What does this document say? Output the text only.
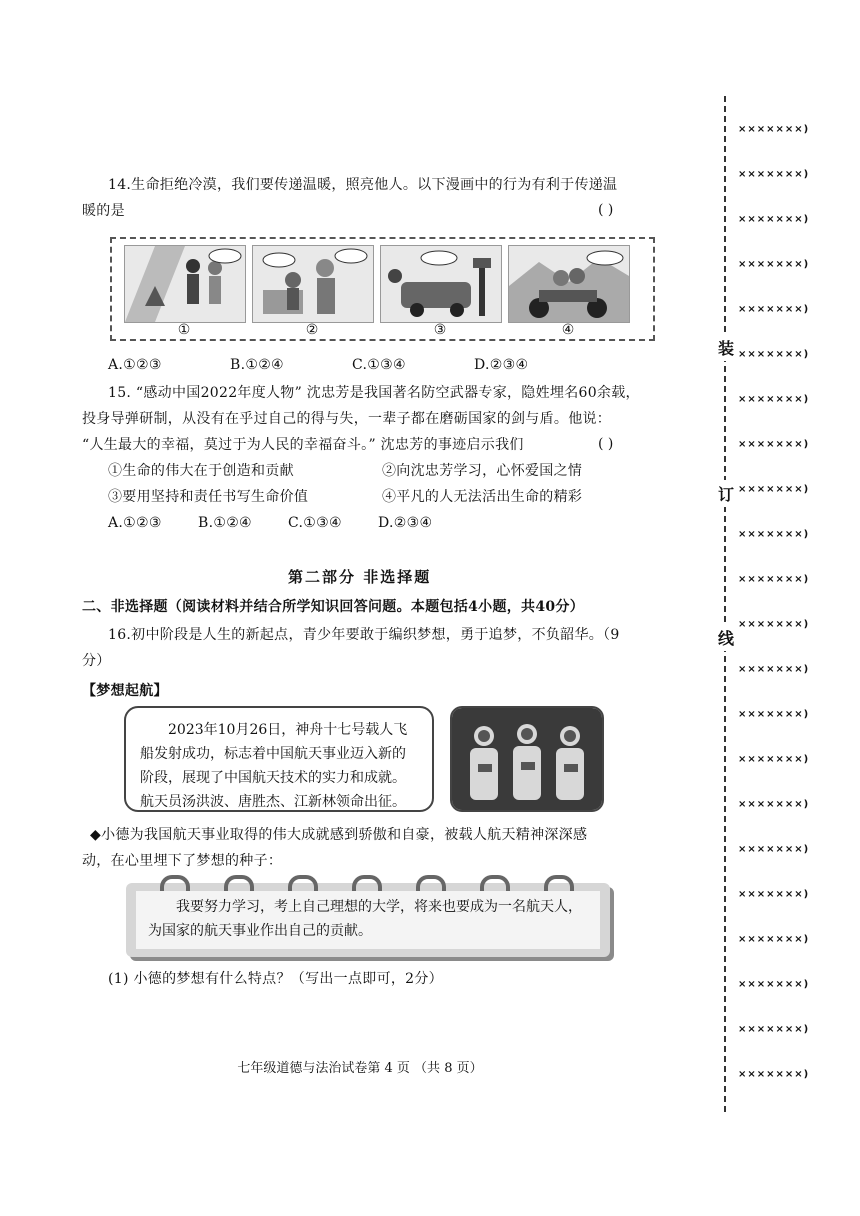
14.生命拒绝冷漠，我们要传递温暖，照亮他人。以下漫画中的行为有利于传递温
暖的是	( )
①	②	③	④
A.①②③	B.①②④	C.①③④	D.②③④
15. “感动中国2022年度人物” 沈忠芳是我国著名防空武器专家，隐姓埋名60余载，
投身导弹研制，从没有在乎过自己的得与失，一辈子都在磨砺国家的剑与盾。他说：
“人生最大的幸福，莫过于为人民的幸福奋斗。” 沈忠芳的事迹启示我们	( )
①生命的伟大在于创造和贡献	②向沈忠芳学习，心怀爱国之情
③要用坚持和责任书写生命价值	④平凡的人无法活出生命的精彩
A.①②③	B.①②④	C.①③④	D.②③④
第二部分 非选择题
二、非选择题（阅读材料并结合所学知识回答问题。本题包括4小题，共40分）
16.初中阶段是人生的新起点，青少年要敢于编织梦想，勇于追梦，不负韶华。（9
分）
【梦想起航】
2023年10月26日，神舟十七号载人飞船发射成功，标志着中国航天事业迈入新的阶段，展现了中国航天技术的实力和成就。航天员汤洪波、唐胜杰、江新林领命出征。
◆小德为我国航天事业取得的伟大成就感到骄傲和自豪，被载人航天精神深深感
动，在心里埋下了梦想的种子：
我要努力学习，考上自己理想的大学，将来也要成为一名航天人，为国家的航天事业作出自己的贡献。
(1) 小德的梦想有什么特点？（写出一点即可，2分）
七年级道德与法治试卷第 4 页 （共 8 页）
装
订
线
×××××××)
×××××××)
×××××××)
×××××××)
×××××××)
×××××××)
×××××××)
×××××××)
×××××××)
×××××××)
×××××××)
×××××××)
×××××××)
×××××××)
×××××××)
×××××××)
×××××××)
×××××××)
×××××××)
×××××××)
×××××××)
×××××××)
